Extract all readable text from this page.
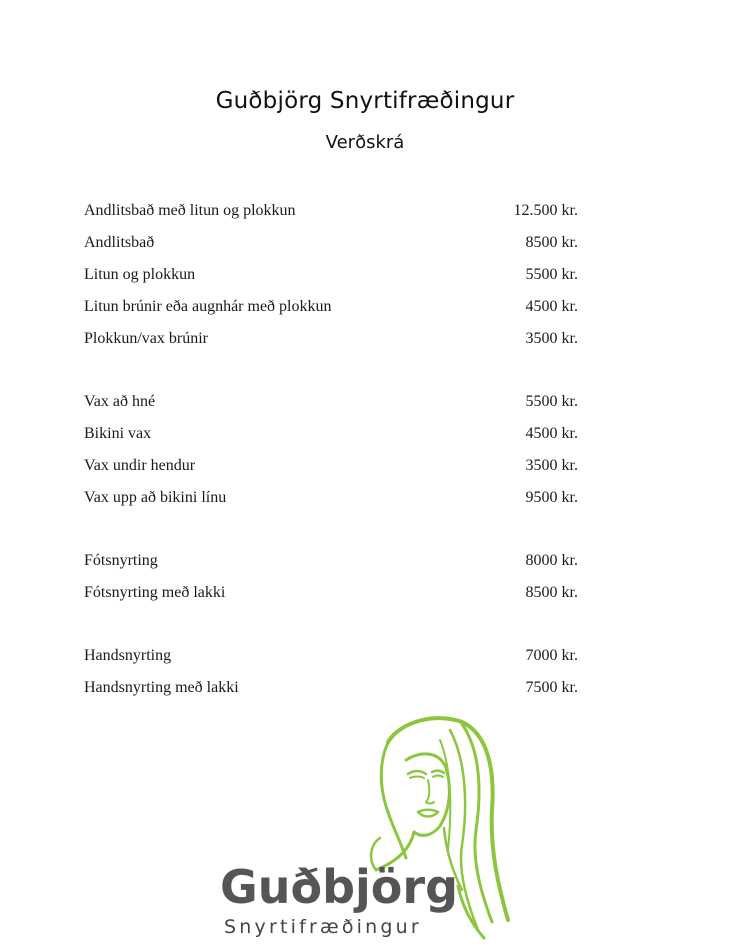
Guðbjörg Snyrtifræðingur
Verðskrá
Andlitsbað með litun og plokkun	12.500 kr.
Andlitsbað	8500 kr.
Litun og plokkun	5500 kr.
Litun brúnir eða augnhár með plokkun	4500 kr.
Plokkun/vax brúnir	3500 kr.
Vax að hné	5500 kr.
Bikini vax	4500 kr.
Vax undir hendur	3500 kr.
Vax upp að bikini línu	9500 kr.
Fótsnyrting	8000 kr.
Fótsnyrting með lakki	8500 kr.
Handsnyrting	7000 kr.
Handsnyrting með lakki	7500 kr.
Guðbjörg
Snyrtifræðingur
